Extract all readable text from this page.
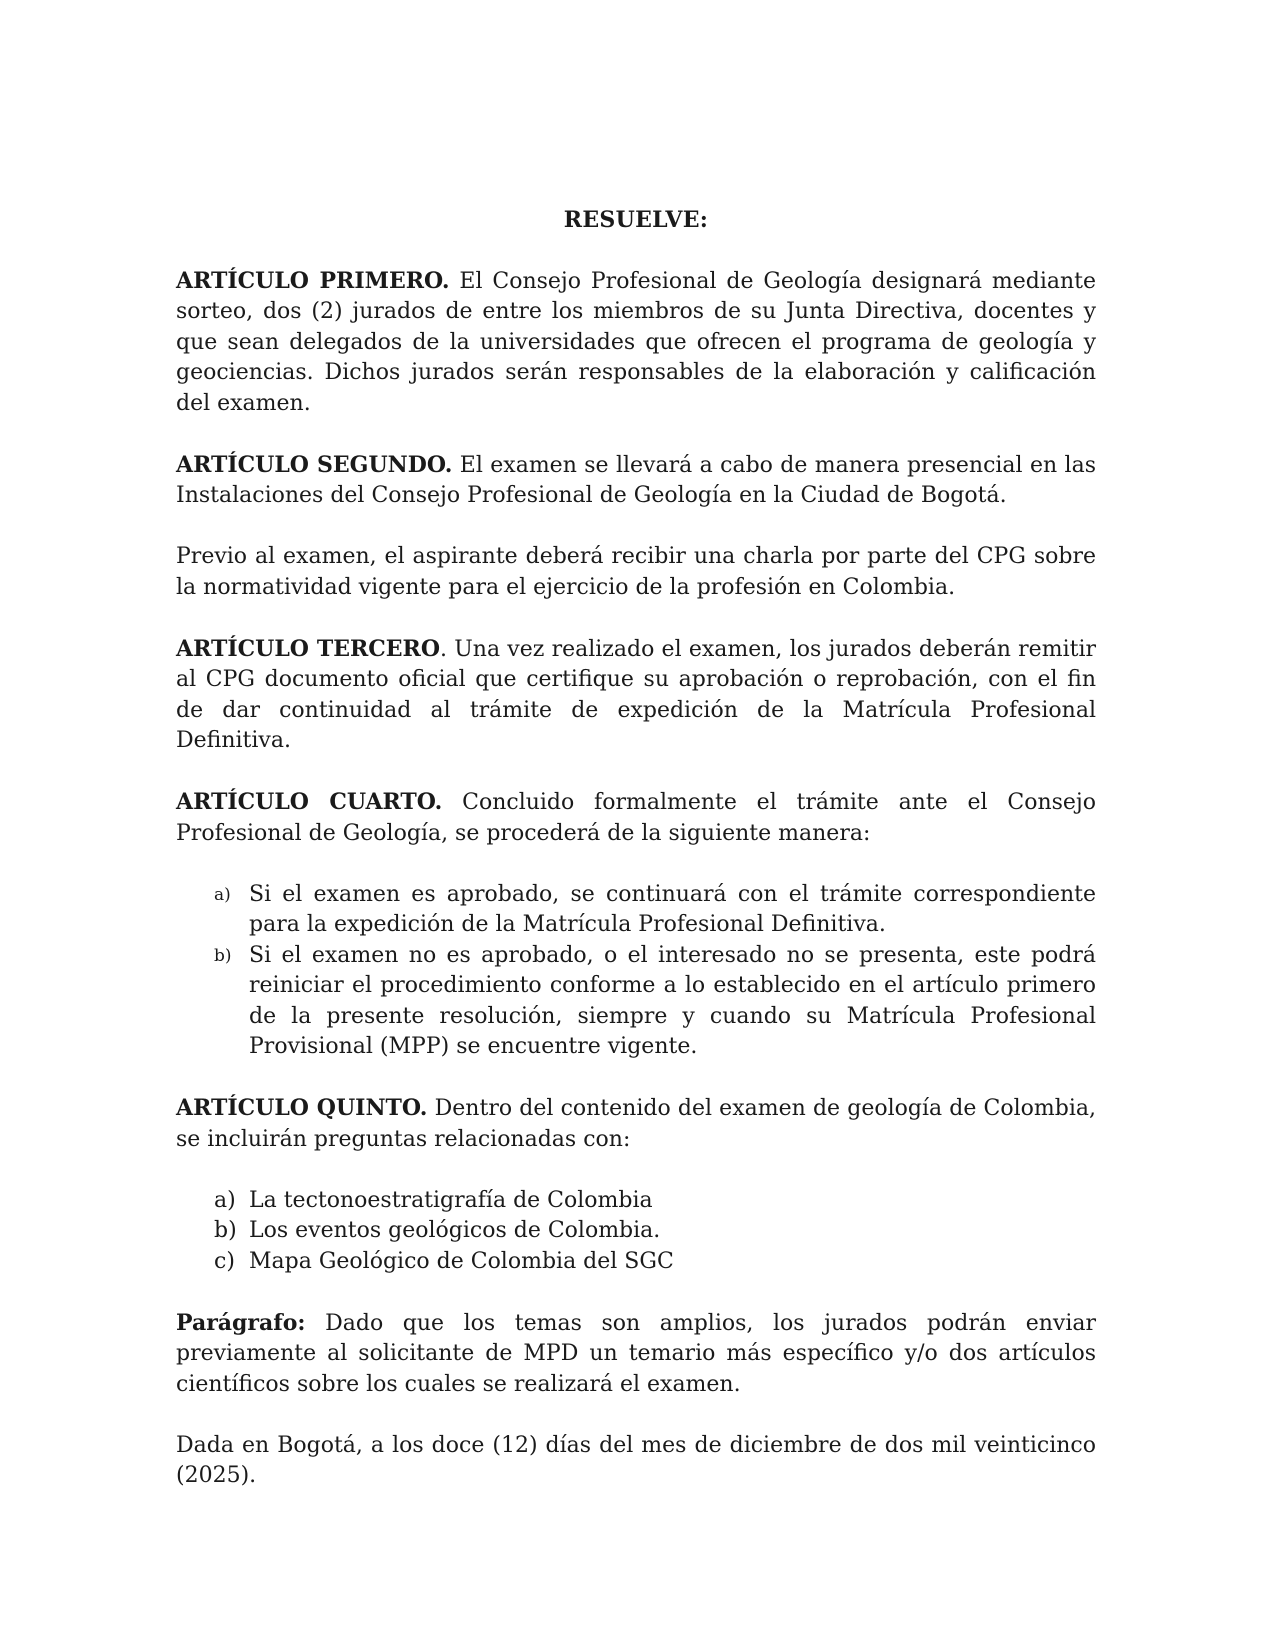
RESUELVE:

ARTÍCULO PRIMERO. El Consejo Profesional de Geología designará mediante sorteo, dos (2) jurados de entre los miembros de su Junta Directiva, docentes y que sean delegados de la universidades que ofrecen el programa de geología y geociencias. Dichos jurados serán responsables de la elaboración y calificación del examen.

ARTÍCULO SEGUNDO. El examen se llevará a cabo de manera presencial en las Instalaciones del Consejo Profesional de Geología en la Ciudad de Bogotá.

Previo al examen, el aspirante deberá recibir una charla por parte del CPG sobre la normatividad vigente para el ejercicio de la profesión en Colombia.

ARTÍCULO TERCERO. Una vez realizado el examen, los jurados deberán remitir al CPG documento oficial que certifique su aprobación o reprobación, con el fin de dar continuidad al trámite de expedición de la Matrícula Profesional Definitiva.

ARTÍCULO CUARTO. Concluido formalmente el trámite ante el Consejo Profesional de Geología, se procederá de la siguiente manera:

a) Si el examen es aprobado, se continuará con el trámite correspondiente para la expedición de la Matrícula Profesional Definitiva.
b) Si el examen no es aprobado, o el interesado no se presenta, este podrá reiniciar el procedimiento conforme a lo establecido en el artículo primero de la presente resolución, siempre y cuando su Matrícula Profesional Provisional (MPP) se encuentre vigente.

ARTÍCULO QUINTO. Dentro del contenido del examen de geología de Colombia, se incluirán preguntas relacionadas con:

a) La tectonoestratigrafía de Colombia
b) Los eventos geológicos de Colombia.
c) Mapa Geológico de Colombia del SGC

Parágrafo: Dado que los temas son amplios, los jurados podrán enviar previamente al solicitante de MPD un temario más específico y/o dos artículos científicos sobre los cuales se realizará el examen.

Dada en Bogotá, a los doce (12) días del mes de diciembre de dos mil veinticinco (2025).
